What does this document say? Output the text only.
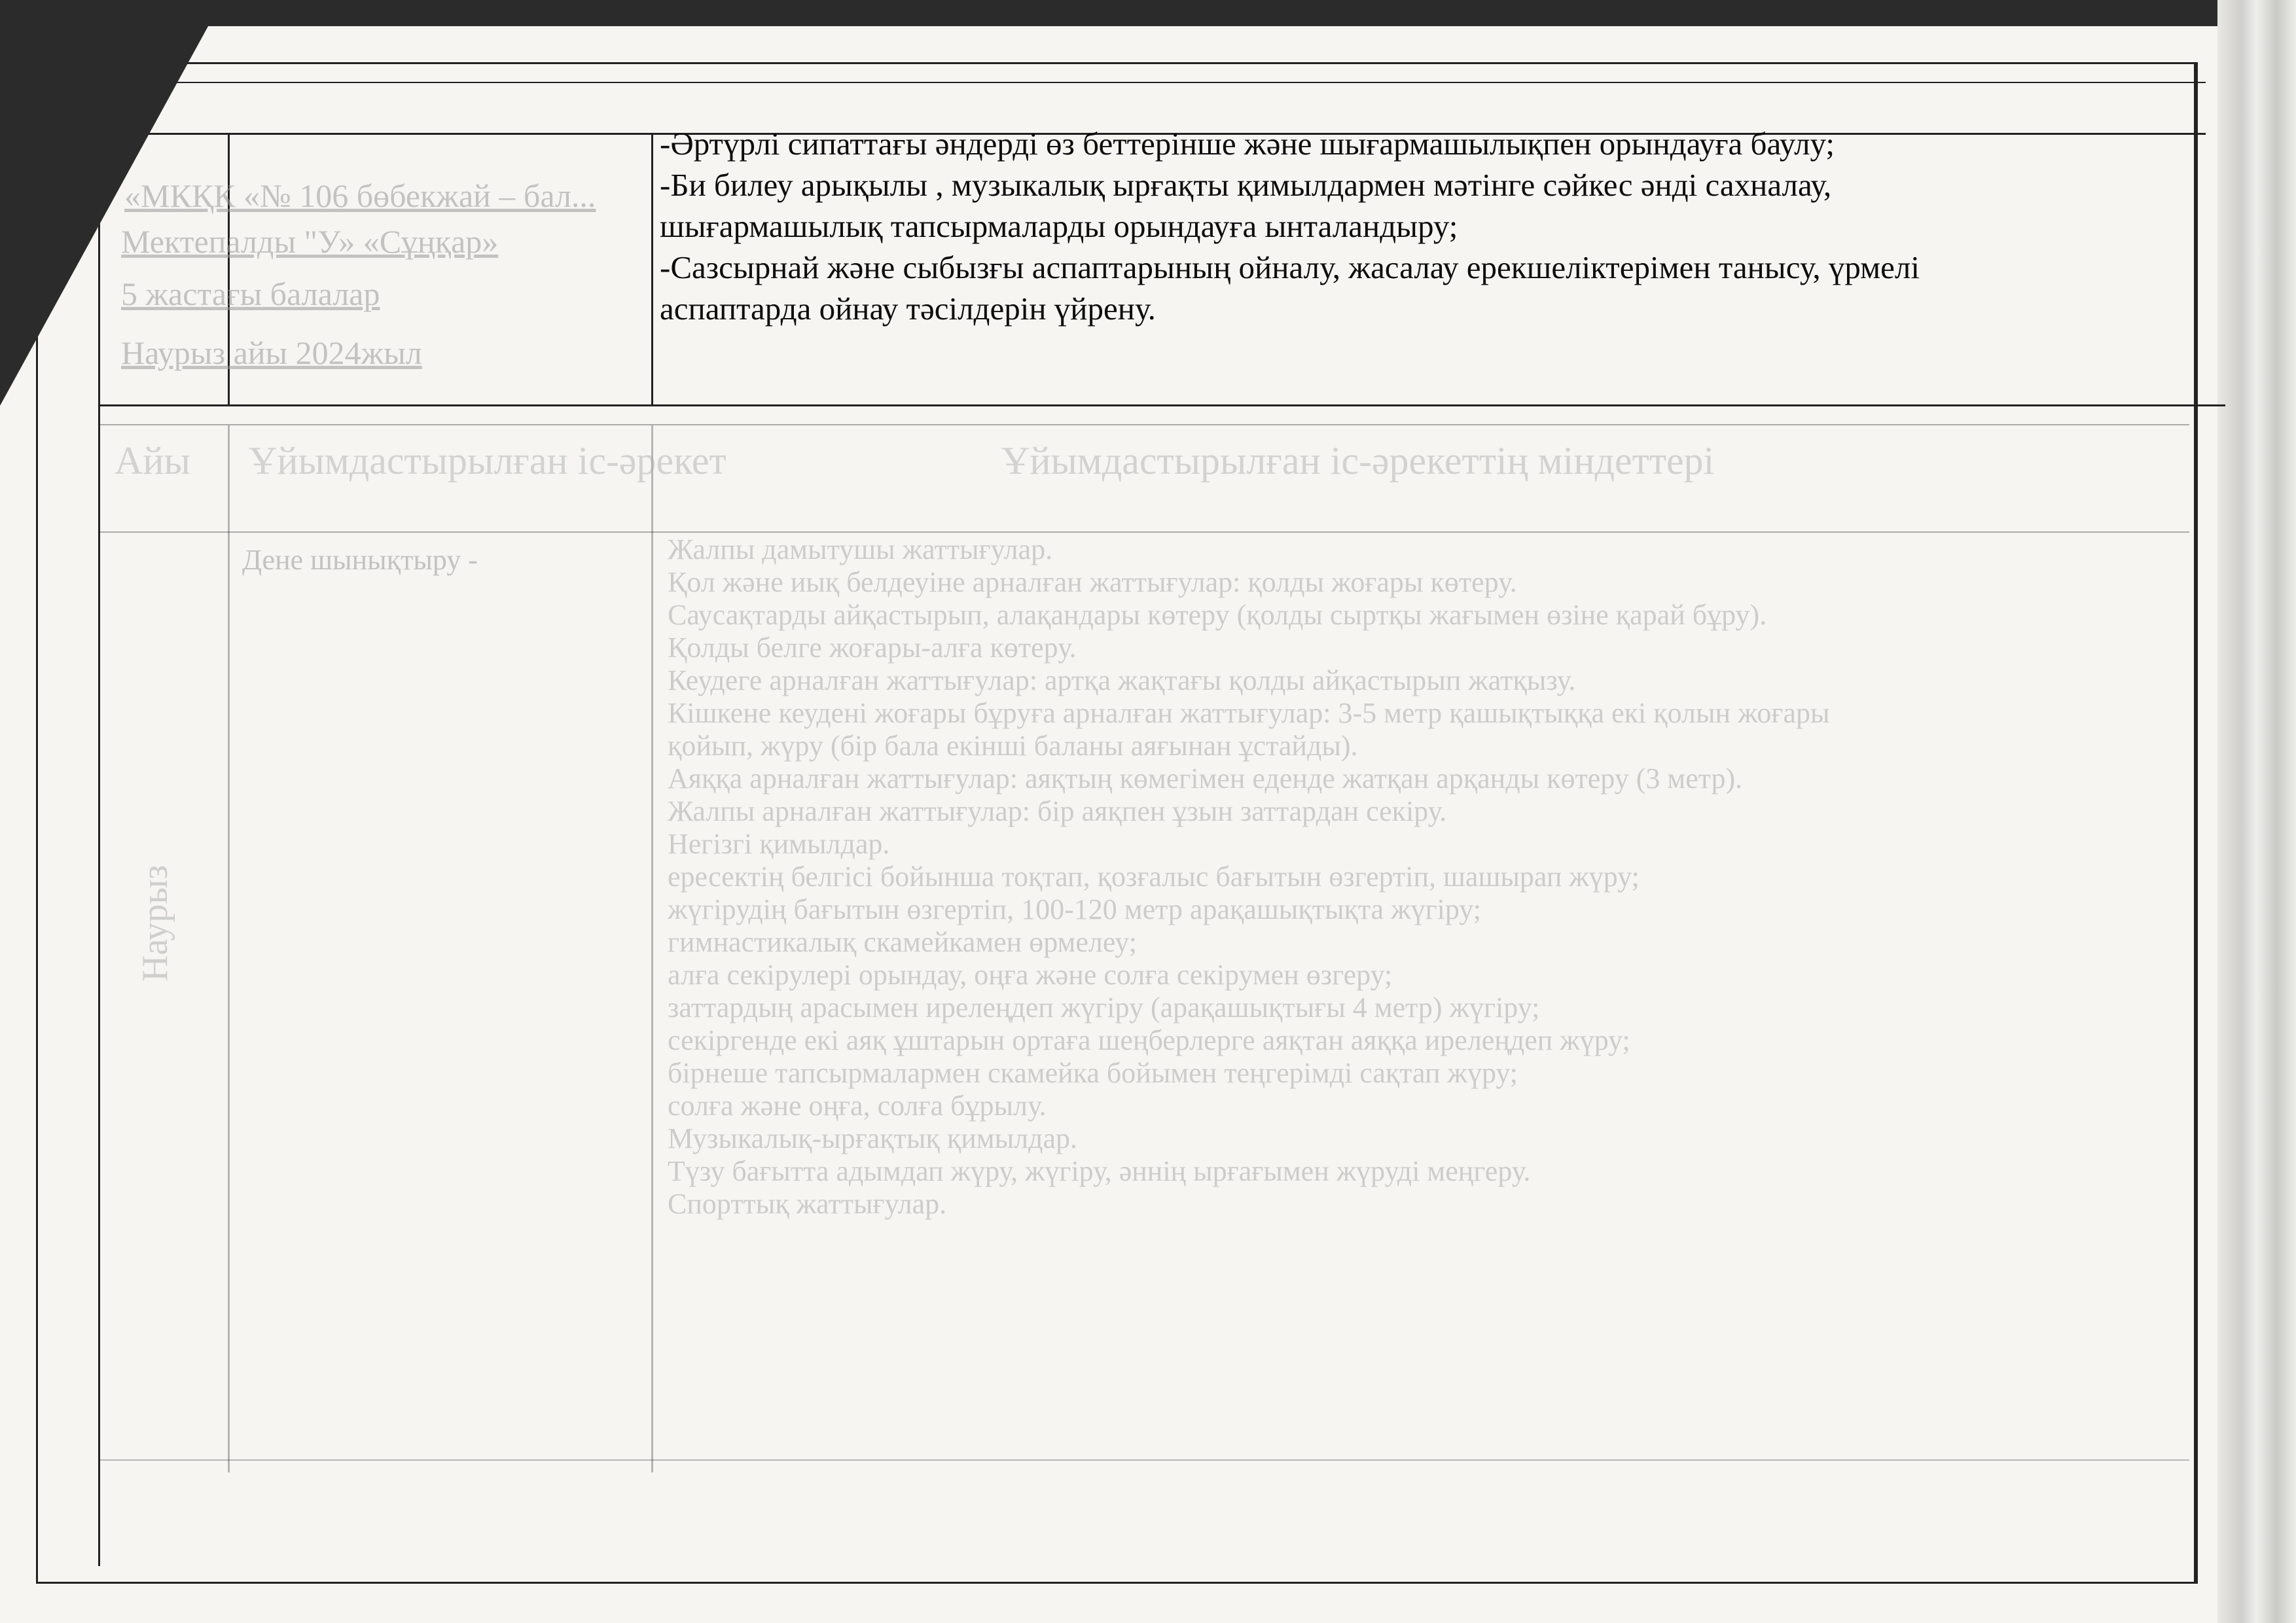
«МКҚК «№ 106 бөбекжай – бал...
Мектепалды "У» «Сұңқар»
5 жастағы балалар
Наурыз айы 2024жыл
Айы Ұйымдастырылған іс-әрекет	Ұйымдастырылған іс-әрекеттің міндеттері
Дене шынықтыру -
Наурыз
Жалпы дамытушы жаттығулар.
Қол және иық белдеуіне арналған жаттығулар: қолды жоғары көтеру.
Саусақтарды айқастырып, алақандары көтеру (қолды сыртқы жағымен өзіне қарай бұру).
Қолды белге жоғары-алға көтеру.
Кеудеге арналған жаттығулар: артқа жақтағы қолды айқастырып жатқызу.
Кішкене кеудені жоғары бұруға арналған жаттығулар: 3-5 метр қашықтыққа екі қолын жоғары
қойып, жүру (бір бала екінші баланы аяғынан ұстайды).
Аяққа арналған жаттығулар: аяқтың көмегімен еденде жатқан арқанды көтеру (3 метр).
Жалпы арналған жаттығулар: бір аяқпен ұзын заттардан секіру.
Негізгі қимылдар.
ересектің белгісі бойынша тоқтап, қозғалыс бағытын өзгертіп, шашырап жүру;
жүгірудің бағытын өзгертіп, 100-120 метр арақашықтықта жүгіру;
гимнастикалық скамейкамен өрмелеу;
алға секірулері орындау, оңға және солға секірумен өзгеру;
заттардың арасымен ирелеңдеп жүгіру (арақашықтығы 4 метр) жүгіру;
секіргенде екі аяқ ұштарын ортаға шеңберлерге аяқтан аяққа ирелеңдеп жүру;
бірнеше тапсырмалармен скамейка бойымен теңгерімді сақтап жүру;
солға және оңға, солға бұрылу.
Музыкалық-ырғақтық қимылдар.
Түзу бағытта адымдап жүру, жүгіру, әннің ырғағымен жүруді меңгеру.
Спорттық жаттығулар.
-Әртүрлі сипаттағы әндерді өз беттерінше және шығармашылықпен орындауға баулу;
-Би билеу арықылы , музыкалық ырғақты қимылдармен мәтінге сәйкес әнді сахналау,
шығармашылық тапсырмаларды орындауға ынталандыру;
-Сазсырнай және сыбызғы аспаптарының ойналу, жасалау ерекшеліктерімен танысу, үрмелі
аспаптарда ойнау тәсілдерін үйрену.
